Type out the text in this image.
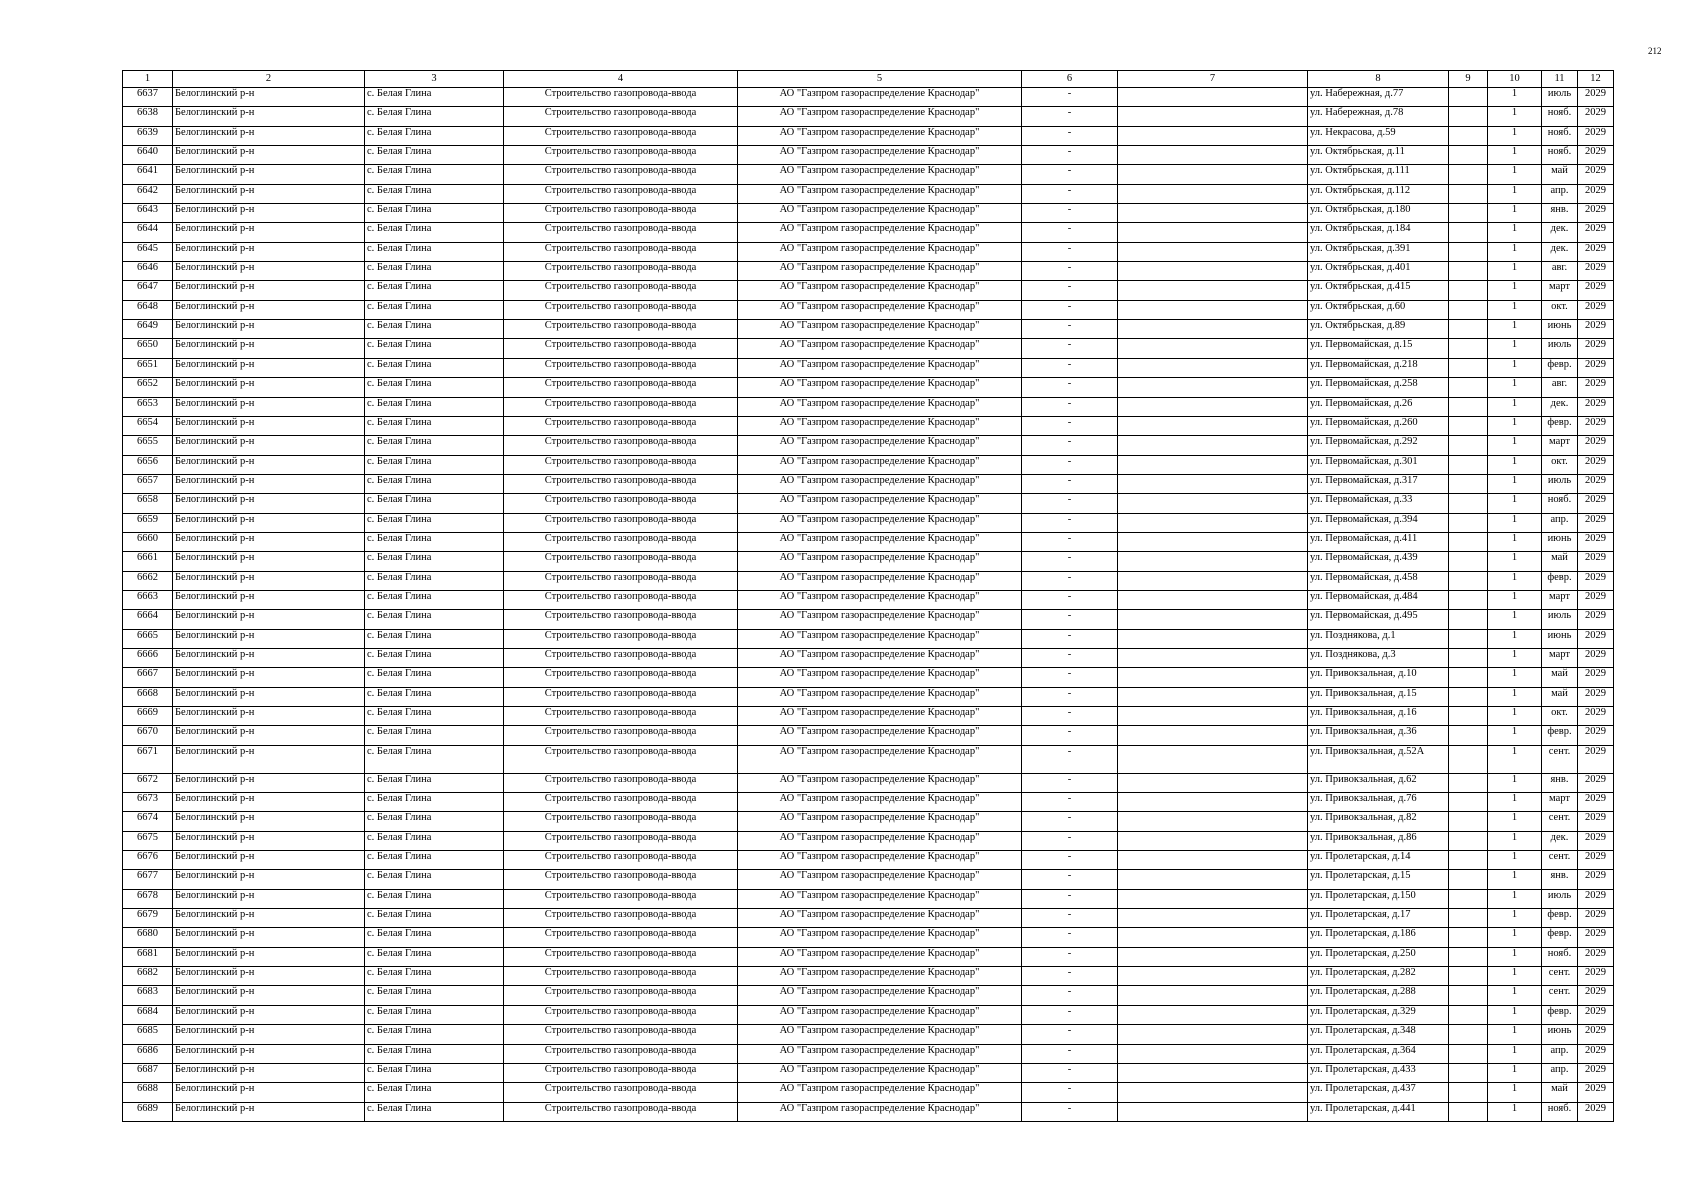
212
1	2	3	4	5	6	7	8	9	10	11	12
6637	Белоглинский р-н	с. Белая Глина	Строительство газопровода-ввода	АО "Газпром газораспределение Краснодар"	-		ул. Набережная, д.77		1	июль	2029
6638	Белоглинский р-н	с. Белая Глина	Строительство газопровода-ввода	АО "Газпром газораспределение Краснодар"	-		ул. Набережная, д.78		1	нояб.	2029
6639	Белоглинский р-н	с. Белая Глина	Строительство газопровода-ввода	АО "Газпром газораспределение Краснодар"	-		ул. Некрасова, д.59		1	нояб.	2029
6640	Белоглинский р-н	с. Белая Глина	Строительство газопровода-ввода	АО "Газпром газораспределение Краснодар"	-		ул. Октябрьская, д.11		1	нояб.	2029
6641	Белоглинский р-н	с. Белая Глина	Строительство газопровода-ввода	АО "Газпром газораспределение Краснодар"	-		ул. Октябрьская, д.111		1	май	2029
6642	Белоглинский р-н	с. Белая Глина	Строительство газопровода-ввода	АО "Газпром газораспределение Краснодар"	-		ул. Октябрьская, д.112		1	апр.	2029
6643	Белоглинский р-н	с. Белая Глина	Строительство газопровода-ввода	АО "Газпром газораспределение Краснодар"	-		ул. Октябрьская, д.180		1	янв.	2029
6644	Белоглинский р-н	с. Белая Глина	Строительство газопровода-ввода	АО "Газпром газораспределение Краснодар"	-		ул. Октябрьская, д.184		1	дек.	2029
6645	Белоглинский р-н	с. Белая Глина	Строительство газопровода-ввода	АО "Газпром газораспределение Краснодар"	-		ул. Октябрьская, д.391		1	дек.	2029
6646	Белоглинский р-н	с. Белая Глина	Строительство газопровода-ввода	АО "Газпром газораспределение Краснодар"	-		ул. Октябрьская, д.401		1	авг.	2029
6647	Белоглинский р-н	с. Белая Глина	Строительство газопровода-ввода	АО "Газпром газораспределение Краснодар"	-		ул. Октябрьская, д.415		1	март	2029
6648	Белоглинский р-н	с. Белая Глина	Строительство газопровода-ввода	АО "Газпром газораспределение Краснодар"	-		ул. Октябрьская, д.60		1	окт.	2029
6649	Белоглинский р-н	с. Белая Глина	Строительство газопровода-ввода	АО "Газпром газораспределение Краснодар"	-		ул. Октябрьская, д.89		1	июнь	2029
6650	Белоглинский р-н	с. Белая Глина	Строительство газопровода-ввода	АО "Газпром газораспределение Краснодар"	-		ул. Первомайская, д.15		1	июль	2029
6651	Белоглинский р-н	с. Белая Глина	Строительство газопровода-ввода	АО "Газпром газораспределение Краснодар"	-		ул. Первомайская, д.218		1	февр.	2029
6652	Белоглинский р-н	с. Белая Глина	Строительство газопровода-ввода	АО "Газпром газораспределение Краснодар"	-		ул. Первомайская, д.258		1	авг.	2029
6653	Белоглинский р-н	с. Белая Глина	Строительство газопровода-ввода	АО "Газпром газораспределение Краснодар"	-		ул. Первомайская, д.26		1	дек.	2029
6654	Белоглинский р-н	с. Белая Глина	Строительство газопровода-ввода	АО "Газпром газораспределение Краснодар"	-		ул. Первомайская, д.260		1	февр.	2029
6655	Белоглинский р-н	с. Белая Глина	Строительство газопровода-ввода	АО "Газпром газораспределение Краснодар"	-		ул. Первомайская, д.292		1	март	2029
6656	Белоглинский р-н	с. Белая Глина	Строительство газопровода-ввода	АО "Газпром газораспределение Краснодар"	-		ул. Первомайская, д.301		1	окт.	2029
6657	Белоглинский р-н	с. Белая Глина	Строительство газопровода-ввода	АО "Газпром газораспределение Краснодар"	-		ул. Первомайская, д.317		1	июль	2029
6658	Белоглинский р-н	с. Белая Глина	Строительство газопровода-ввода	АО "Газпром газораспределение Краснодар"	-		ул. Первомайская, д.33		1	нояб.	2029
6659	Белоглинский р-н	с. Белая Глина	Строительство газопровода-ввода	АО "Газпром газораспределение Краснодар"	-		ул. Первомайская, д.394		1	апр.	2029
6660	Белоглинский р-н	с. Белая Глина	Строительство газопровода-ввода	АО "Газпром газораспределение Краснодар"	-		ул. Первомайская, д.411		1	июнь	2029
6661	Белоглинский р-н	с. Белая Глина	Строительство газопровода-ввода	АО "Газпром газораспределение Краснодар"	-		ул. Первомайская, д.439		1	май	2029
6662	Белоглинский р-н	с. Белая Глина	Строительство газопровода-ввода	АО "Газпром газораспределение Краснодар"	-		ул. Первомайская, д.458		1	февр.	2029
6663	Белоглинский р-н	с. Белая Глина	Строительство газопровода-ввода	АО "Газпром газораспределение Краснодар"	-		ул. Первомайская, д.484		1	март	2029
6664	Белоглинский р-н	с. Белая Глина	Строительство газопровода-ввода	АО "Газпром газораспределение Краснодар"	-		ул. Первомайская, д.495		1	июль	2029
6665	Белоглинский р-н	с. Белая Глина	Строительство газопровода-ввода	АО "Газпром газораспределение Краснодар"	-		ул. Позднякова, д.1		1	июнь	2029
6666	Белоглинский р-н	с. Белая Глина	Строительство газопровода-ввода	АО "Газпром газораспределение Краснодар"	-		ул. Позднякова, д.3		1	март	2029
6667	Белоглинский р-н	с. Белая Глина	Строительство газопровода-ввода	АО "Газпром газораспределение Краснодар"	-		ул. Привокзальная, д.10		1	май	2029
6668	Белоглинский р-н	с. Белая Глина	Строительство газопровода-ввода	АО "Газпром газораспределение Краснодар"	-		ул. Привокзальная, д.15		1	май	2029
6669	Белоглинский р-н	с. Белая Глина	Строительство газопровода-ввода	АО "Газпром газораспределение Краснодар"	-		ул. Привокзальная, д.16		1	окт.	2029
6670	Белоглинский р-н	с. Белая Глина	Строительство газопровода-ввода	АО "Газпром газораспределение Краснодар"	-		ул. Привокзальная, д.36		1	февр.	2029
6671	Белоглинский р-н	с. Белая Глина	Строительство газопровода-ввода	АО "Газпром газораспределение Краснодар"	-		ул. Привокзальная, д.52А		1	сент.	2029
6672	Белоглинский р-н	с. Белая Глина	Строительство газопровода-ввода	АО "Газпром газораспределение Краснодар"	-		ул. Привокзальная, д.62		1	янв.	2029
6673	Белоглинский р-н	с. Белая Глина	Строительство газопровода-ввода	АО "Газпром газораспределение Краснодар"	-		ул. Привокзальная, д.76		1	март	2029
6674	Белоглинский р-н	с. Белая Глина	Строительство газопровода-ввода	АО "Газпром газораспределение Краснодар"	-		ул. Привокзальная, д.82		1	сент.	2029
6675	Белоглинский р-н	с. Белая Глина	Строительство газопровода-ввода	АО "Газпром газораспределение Краснодар"	-		ул. Привокзальная, д.86		1	дек.	2029
6676	Белоглинский р-н	с. Белая Глина	Строительство газопровода-ввода	АО "Газпром газораспределение Краснодар"	-		ул. Пролетарская, д.14		1	сент.	2029
6677	Белоглинский р-н	с. Белая Глина	Строительство газопровода-ввода	АО "Газпром газораспределение Краснодар"	-		ул. Пролетарская, д.15		1	янв.	2029
6678	Белоглинский р-н	с. Белая Глина	Строительство газопровода-ввода	АО "Газпром газораспределение Краснодар"	-		ул. Пролетарская, д.150		1	июль	2029
6679	Белоглинский р-н	с. Белая Глина	Строительство газопровода-ввода	АО "Газпром газораспределение Краснодар"	-		ул. Пролетарская, д.17		1	февр.	2029
6680	Белоглинский р-н	с. Белая Глина	Строительство газопровода-ввода	АО "Газпром газораспределение Краснодар"	-		ул. Пролетарская, д.186		1	февр.	2029
6681	Белоглинский р-н	с. Белая Глина	Строительство газопровода-ввода	АО "Газпром газораспределение Краснодар"	-		ул. Пролетарская, д.250		1	нояб.	2029
6682	Белоглинский р-н	с. Белая Глина	Строительство газопровода-ввода	АО "Газпром газораспределение Краснодар"	-		ул. Пролетарская, д.282		1	сент.	2029
6683	Белоглинский р-н	с. Белая Глина	Строительство газопровода-ввода	АО "Газпром газораспределение Краснодар"	-		ул. Пролетарская, д.288		1	сент.	2029
6684	Белоглинский р-н	с. Белая Глина	Строительство газопровода-ввода	АО "Газпром газораспределение Краснодар"	-		ул. Пролетарская, д.329		1	февр.	2029
6685	Белоглинский р-н	с. Белая Глина	Строительство газопровода-ввода	АО "Газпром газораспределение Краснодар"	-		ул. Пролетарская, д.348		1	июнь	2029
6686	Белоглинский р-н	с. Белая Глина	Строительство газопровода-ввода	АО "Газпром газораспределение Краснодар"	-		ул. Пролетарская, д.364		1	апр.	2029
6687	Белоглинский р-н	с. Белая Глина	Строительство газопровода-ввода	АО "Газпром газораспределение Краснодар"	-		ул. Пролетарская, д.433		1	апр.	2029
6688	Белоглинский р-н	с. Белая Глина	Строительство газопровода-ввода	АО "Газпром газораспределение Краснодар"	-		ул. Пролетарская, д.437		1	май	2029
6689	Белоглинский р-н	с. Белая Глина	Строительство газопровода-ввода	АО "Газпром газораспределение Краснодар"	-		ул. Пролетарская, д.441		1	нояб.	2029
